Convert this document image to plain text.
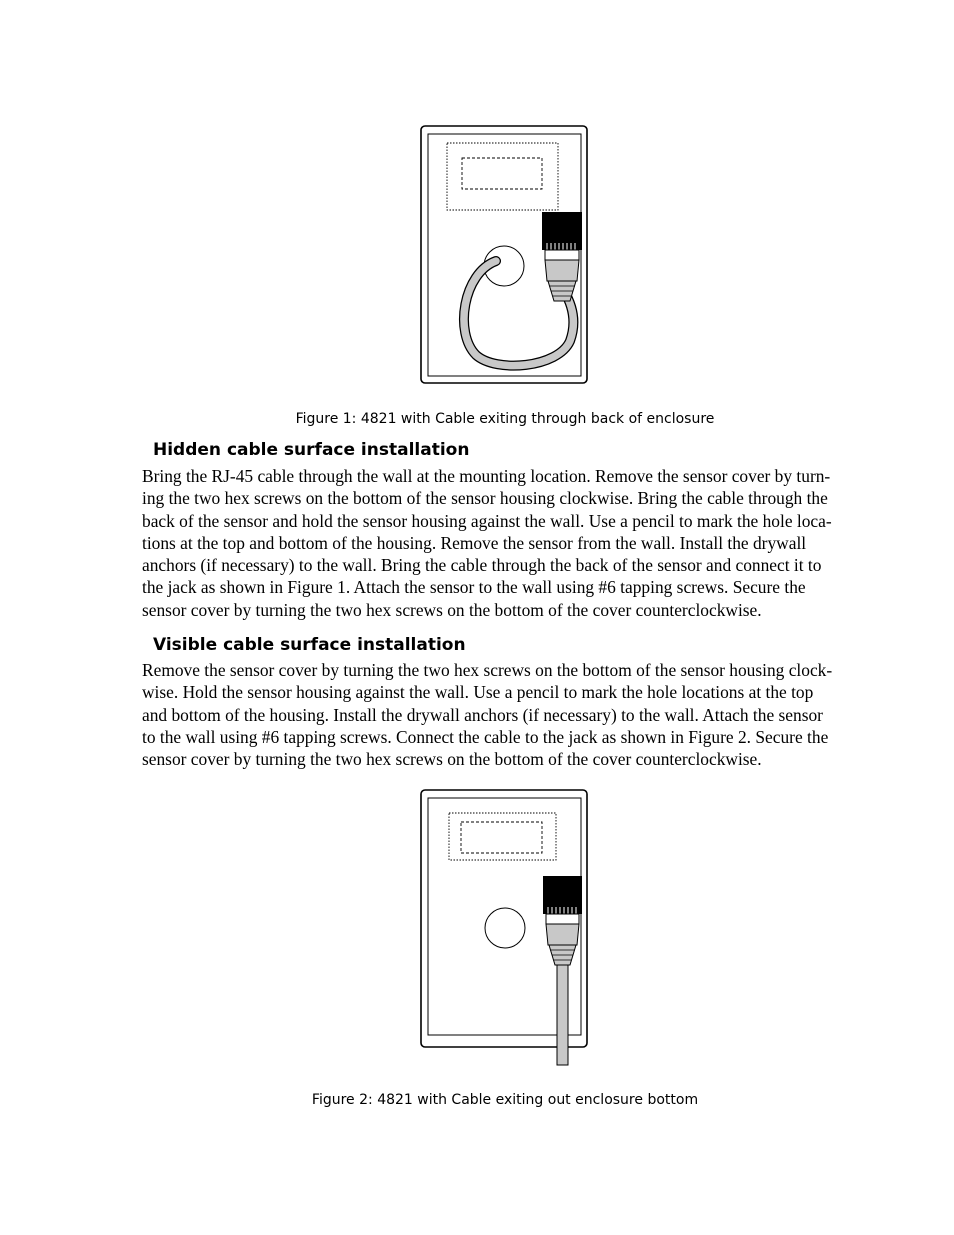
Figure 1: 4821 with Cable exiting through back of enclosure
Hidden cable surface installation
Bring the RJ-45 cable through the wall at the mounting location. Remove the sensor cover by turn-
ing the two hex screws on the bottom of the sensor housing clockwise. Bring the cable through the
back of the sensor and hold the sensor housing against the wall. Use a pencil to mark the hole loca-
tions at the top and bottom of the housing. Remove the sensor from the wall. Install the drywall
anchors (if necessary) to the wall. Bring the cable through the back of the sensor and connect it to
the jack as shown in Figure 1. Attach the sensor to the wall using #6 tapping screws. Secure the
sensor cover by turning the two hex screws on the bottom of the cover counterclockwise.
Visible cable surface installation
Remove the sensor cover by turning the two hex screws on the bottom of the sensor housing clock-
wise. Hold the sensor housing against the wall. Use a pencil to mark the hole locations at the top
and bottom of the housing. Install the drywall anchors (if necessary) to the wall. Attach the sensor
to the wall using #6 tapping screws. Connect the cable to the jack as shown in Figure 2. Secure the
sensor cover by turning the two hex screws on the bottom of the cover counterclockwise.
Figure 2: 4821 with Cable exiting out enclosure bottom
